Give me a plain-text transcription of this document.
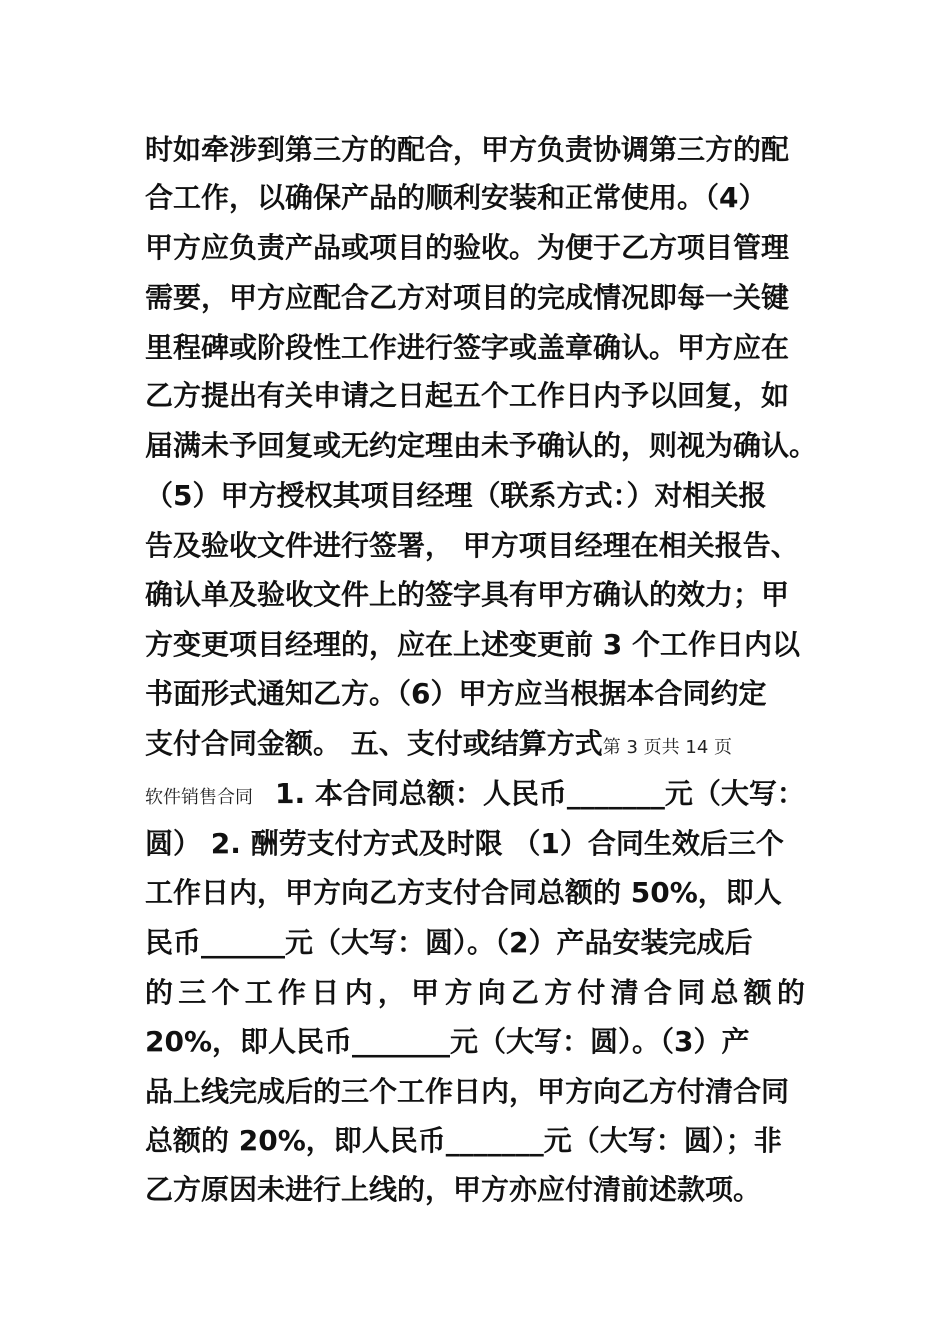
时如牵涉到第三方的配合，甲方负责协调第三方的配
合工作，以确保产品的顺利安装和正常使用。（4）
甲方应负责产品或项目的验收。为便于乙方项目管理
需要，甲方应配合乙方对项目的完成情况即每一关键
里程碑或阶段性工作进行签字或盖章确认。甲方应在
乙方提出有关申请之日起五个工作日内予以回复，如
届满未予回复或无约定理由未予确认的，则视为确认。
（5）甲方授权其项目经理（联系方式：）对相关报
告及验收文件进行签署， 甲方项目经理在相关报告、
确认单及验收文件上的签字具有甲方确认的效力；甲
方变更项目经理的，应在上述变更前 3 个工作日内以
书面形式通知乙方。（6）甲方应当根据本合同约定
支付合同金额。 五、支付或结算方式第 3 页共 14 页
软件销售合同 1. 本合同总额：人民币_______元（大写：
圆） 2. 酬劳支付方式及时限 （1）合同生效后三个
工作日内，甲方向乙方支付合同总额的 50%，即人
民币______元（大写：圆）。（2）产品安装完成后
的三个工作日内，甲方向乙方付清合同总额的
20%，即人民币_______元（大写：圆）。（3）产
品上线完成后的三个工作日内，甲方向乙方付清合同
总额的 20%，即人民币_______元（大写：圆）；非
乙方原因未进行上线的，甲方亦应付清前述款项。
